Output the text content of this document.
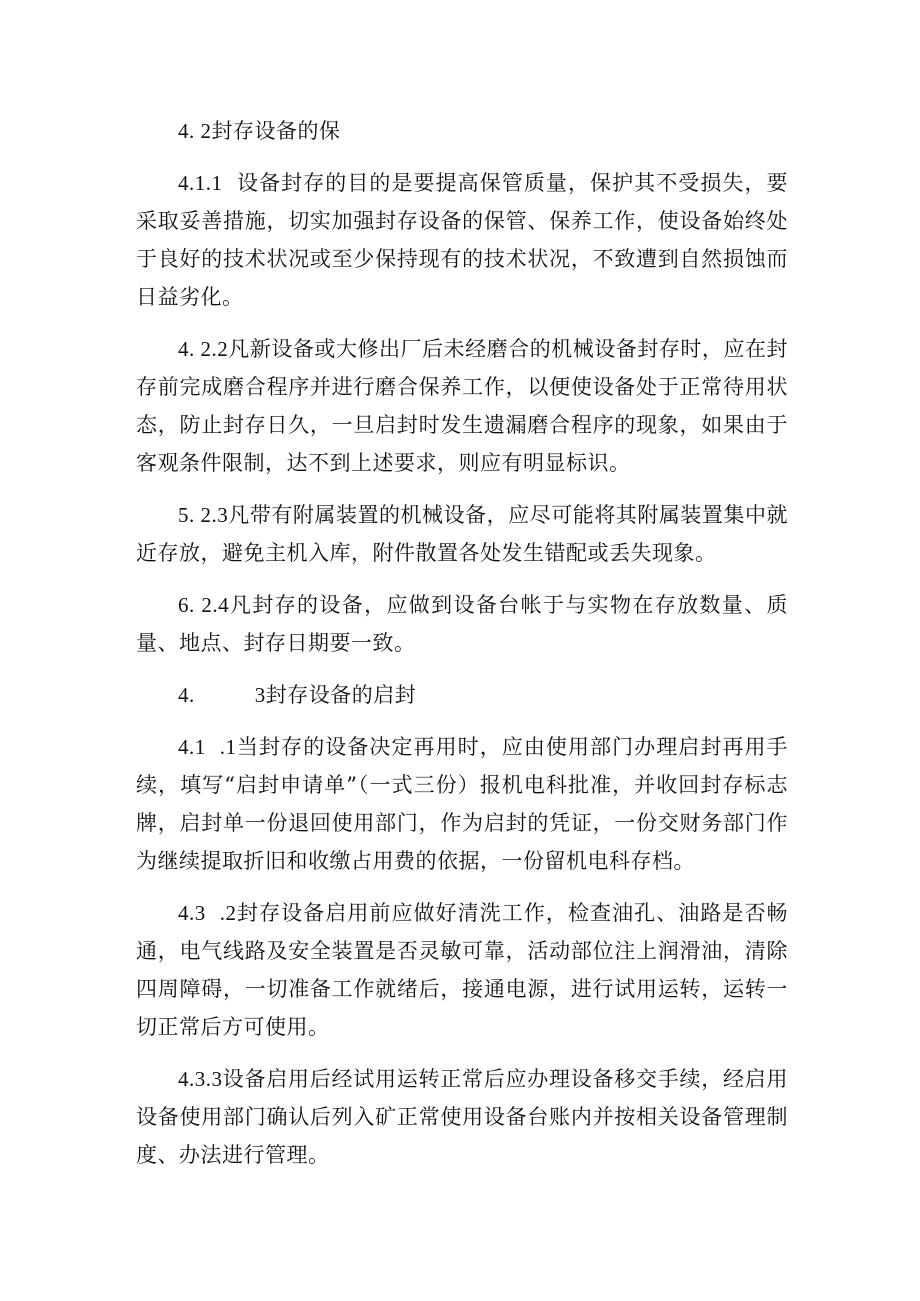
4. 2封存设备的保

4.1.1 设备封存的目的是要提高保管质量，保护其不受损失，要采取妥善措施，切实加强封存设备的保管、保养工作，使设备始终处于良好的技术状况或至少保持现有的技术状况，不致遭到自然损蚀而日益劣化。

4. 2.2凡新设备或大修出厂后未经磨合的机械设备封存时，应在封存前完成磨合程序并进行磨合保养工作，以便使设备处于正常待用状态，防止封存日久，一旦启封时发生遗漏磨合程序的现象，如果由于客观条件限制，达不到上述要求，则应有明显标识。

5. 2.3凡带有附属装置的机械设备，应尽可能将其附属装置集中就近存放，避免主机入库，附件散置各处发生错配或丢失现象。

6. 2.4凡封存的设备，应做到设备台帐于与实物在存放数量、质量、地点、封存日期要一致。

4.	3封存设备的启封

4.1 .1当封存的设备决定再用时，应由使用部门办理启封再用手续，填写“启封申请单”（一式三份）报机电科批准，并收回封存标志牌，启封单一份退回使用部门，作为启封的凭证，一份交财务部门作为继续提取折旧和收缴占用费的依据，一份留机电科存档。

4.3 .2封存设备启用前应做好清洗工作，检查油孔、油路是否畅通，电气线路及安全装置是否灵敏可靠，活动部位注上润滑油，清除四周障碍，一切准备工作就绪后，接通电源，进行试用运转，运转一切正常后方可使用。

4.3.3设备启用后经试用运转正常后应办理设备移交手续，经启用设备使用部门确认后列入矿正常使用设备台账内并按相关设备管理制度、办法进行管理。
